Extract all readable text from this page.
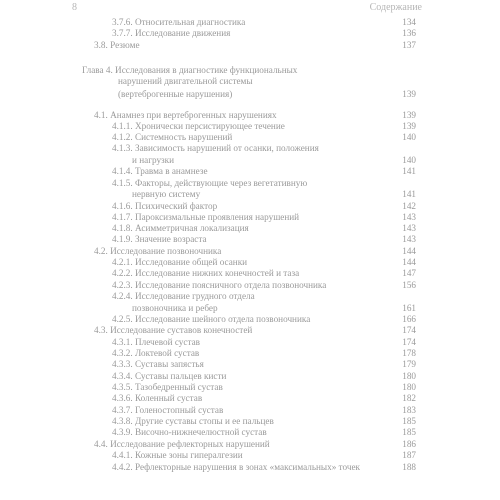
8	Содержание
3.7.6. Относительная диагностика	134
3.7.7. Исследование движения	136
3.8. Резюме	137
Глава 4. Исследования в диагностике функциональных
нарушений двигательной системы
(вертеброгенные нарушения)	139
4.1. Анамнез при вертеброгенных нарушениях	139
4.1.1. Хронически персистирующее течение	139
4.1.2. Системность нарушений	140
4.1.3. Зависимость нарушений от осанки, положения
и нагрузки	140
4.1.4. Травма в анамнезе	141
4.1.5. Факторы, действующие через вегетативную
нервную систему	141
4.1.6. Психический фактор	142
4.1.7. Пароксизмальные проявления нарушений	143
4.1.8. Асимметричная локализация	143
4.1.9. Значение возраста	143
4.2. Исследование позвоночника	144
4.2.1. Исследование общей осанки	144
4.2.2. Исследование нижних конечностей и таза	147
4.2.3. Исследование поясничного отдела позвоночника	156
4.2.4. Исследование грудного отдела
позвоночника и ребер	161
4.2.5. Исследование шейного отдела позвоночника	166
4.3. Исследование суставов конечностей	174
4.3.1. Плечевой сустав	174
4.3.2. Локтевой сустав	178
4.3.3. Суставы запястья	179
4.3.4. Суставы пальцев кисти	180
4.3.5. Тазобедренный сустав	180
4.3.6. Коленный сустав	182
4.3.7. Голеностопный сустав	183
4.3.8. Другие суставы стопы и ее пальцев	185
4.3.9. Височно-нижнечелюстной сустав	185
4.4. Исследование рефлекторных нарушений	186
4.4.1. Кожные зоны гипералгезии	187
4.4.2. Рефлекторные нарушения в зонах «максимальных» точек	188
